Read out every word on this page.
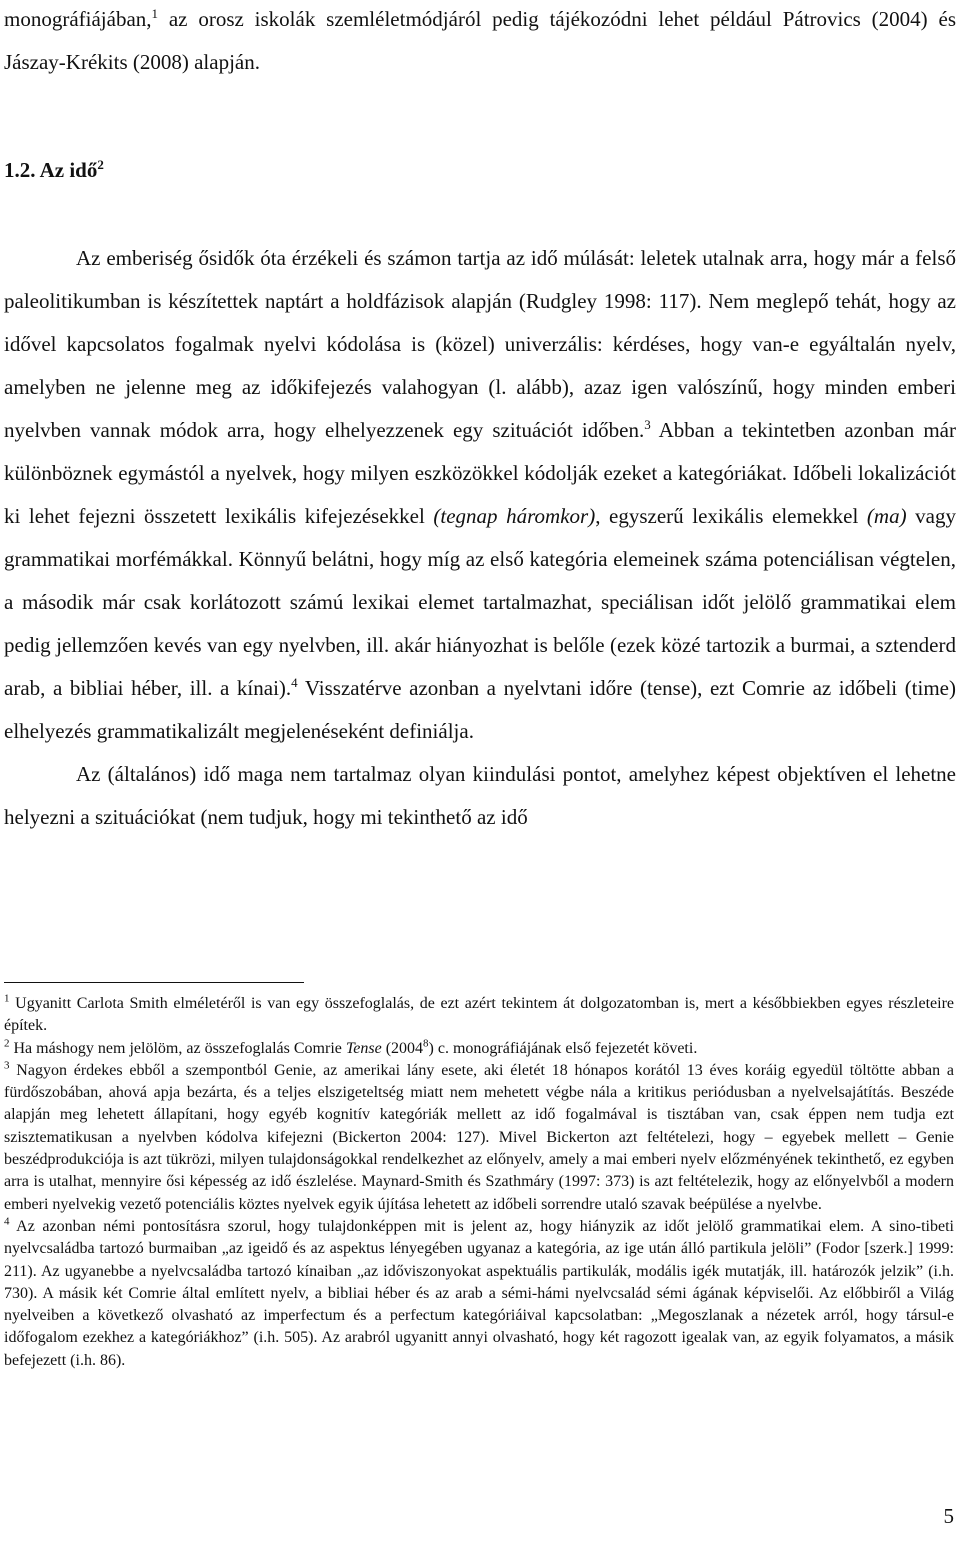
monográfiájában,$^1$ az orosz iskolák szemléletmódjáról pedig tájékozódni lehet például Pátrovics (2004) és Jászay-Krékits (2008) alapján.

1.2. Az idő$^2$

Az emberiség ősidők óta érzékeli és számon tartja az idő múlását: leletek utalnak arra, hogy már a felső paleolitikumban is készítettek naptárt a holdfázisok alapján (Rudgley 1998: 117). Nem meglepő tehát, hogy az idővel kapcsolatos fogalmak nyelvi kódolása is (közel) univerzális: kérdéses, hogy van-e egyáltalán nyelv, amelyben ne jelenne meg az időkifejezés valahogyan (l. alább), azaz igen valószínű, hogy minden emberi nyelvben vannak módok arra, hogy elhelyezzenek egy szituációt időben.$^3$ Abban a tekintetben azonban már különböznek egymástól a nyelvek, hogy milyen eszközökkel kódolják ezeket a kategóriákat. Időbeli lokalizációt ki lehet fejezni összetett lexikális kifejezésekkel (tegnap háromkor), egyszerű lexikális elemekkel (ma) vagy grammatikai morfémákkal. Könnyű belátni, hogy míg az első kategória elemeinek száma potenciálisan végtelen, a második már csak korlátozott számú lexikai elemet tartalmazhat, speciálisan időt jelölő grammatikai elem pedig jellemzően kevés van egy nyelvben, ill. akár hiányozhat is belőle (ezek közé tartozik a burmai, a sztenderd arab, a bibliai héber, ill. a kínai).$^4$ Visszatérve azonban a nyelvtani időre (tense), ezt Comrie az időbeli (time) elhelyezés grammatikalizált megjelenéseként definiálja.

Az (általános) idő maga nem tartalmaz olyan kiindulási pontot, amelyhez képest objektíven el lehetne helyezni a szituációkat (nem tudjuk, hogy mi tekinthető az idő

$^1$ Ugyanitt Carlota Smith elméletéről is van egy összefoglalás, de ezt azért tekintem át dolgozatomban is, mert a későbbiekben egyes részleteire építek.

$^2$ Ha máshogy nem jelölöm, az összefoglalás Comrie Tense (2004$^8$) c. monográfiájának első fejezetét követi.

$^3$ Nagyon érdekes ebből a szempontból Genie, az amerikai lány esete, aki életét 18 hónapos korától 13 éves koráig egyedül töltötte abban a fürdőszobában, ahová apja bezárta, és a teljes elszigeteltség miatt nem mehetett végbe nála a kritikus periódusban a nyelvelsajátítás. Beszéde alapján meg lehetett állapítani, hogy egyéb kognitív kategóriák mellett az idő fogalmával is tisztában van, csak éppen nem tudja ezt szisztematikusan a nyelvben kódolva kifejezni (Bickerton 2004: 127). Mivel Bickerton azt feltételezi, hogy – egyebek mellett – Genie beszédprodukciója is azt tükrözi, milyen tulajdonságokkal rendelkezhet az előnyelv, amely a mai emberi nyelv előzményének tekinthető, ez egyben arra is utalhat, mennyire ősi képesség az idő észlelése. Maynard-Smith és Szathmáry (1997: 373) is azt feltételezik, hogy az előnyelvből a modern emberi nyelvekig vezető potenciális köztes nyelvek egyik újítása lehetett az időbeli sorrendre utaló szavak beépülése a nyelvbe.

$^4$ Az azonban némi pontosításra szorul, hogy tulajdonképpen mit is jelent az, hogy hiányzik az időt jelölő grammatikai elem. A sino-tibeti nyelvcsaládba tartozó burmaiban „az igeidő és az aspektus lényegében ugyanaz a kategória, az ige után álló partikula jelöli” (Fodor [szerk.] 1999: 211). Az ugyanebbe a nyelvcsaládba tartozó kínaiban „az időviszonyokat aspektuális partikulák, modális igék mutatják, ill. határozók jelzik” (i.h. 730). A másik két Comrie által említett nyelv, a bibliai héber és az arab a sémi-hámi nyelvcsalád sémi ágának képviselői. Az előbbiről a Világ nyelveiben a következő olvasható az imperfectum és a perfectum kategóriáival kapcsolatban: „Megoszlanak a nézetek arról, hogy társul-e időfogalom ezekhez a kategóriákhoz” (i.h. 505). Az arabról ugyanitt annyi olvasható, hogy két ragozott igealak van, az egyik folyamatos, a másik befejezett (i.h. 86).

5
